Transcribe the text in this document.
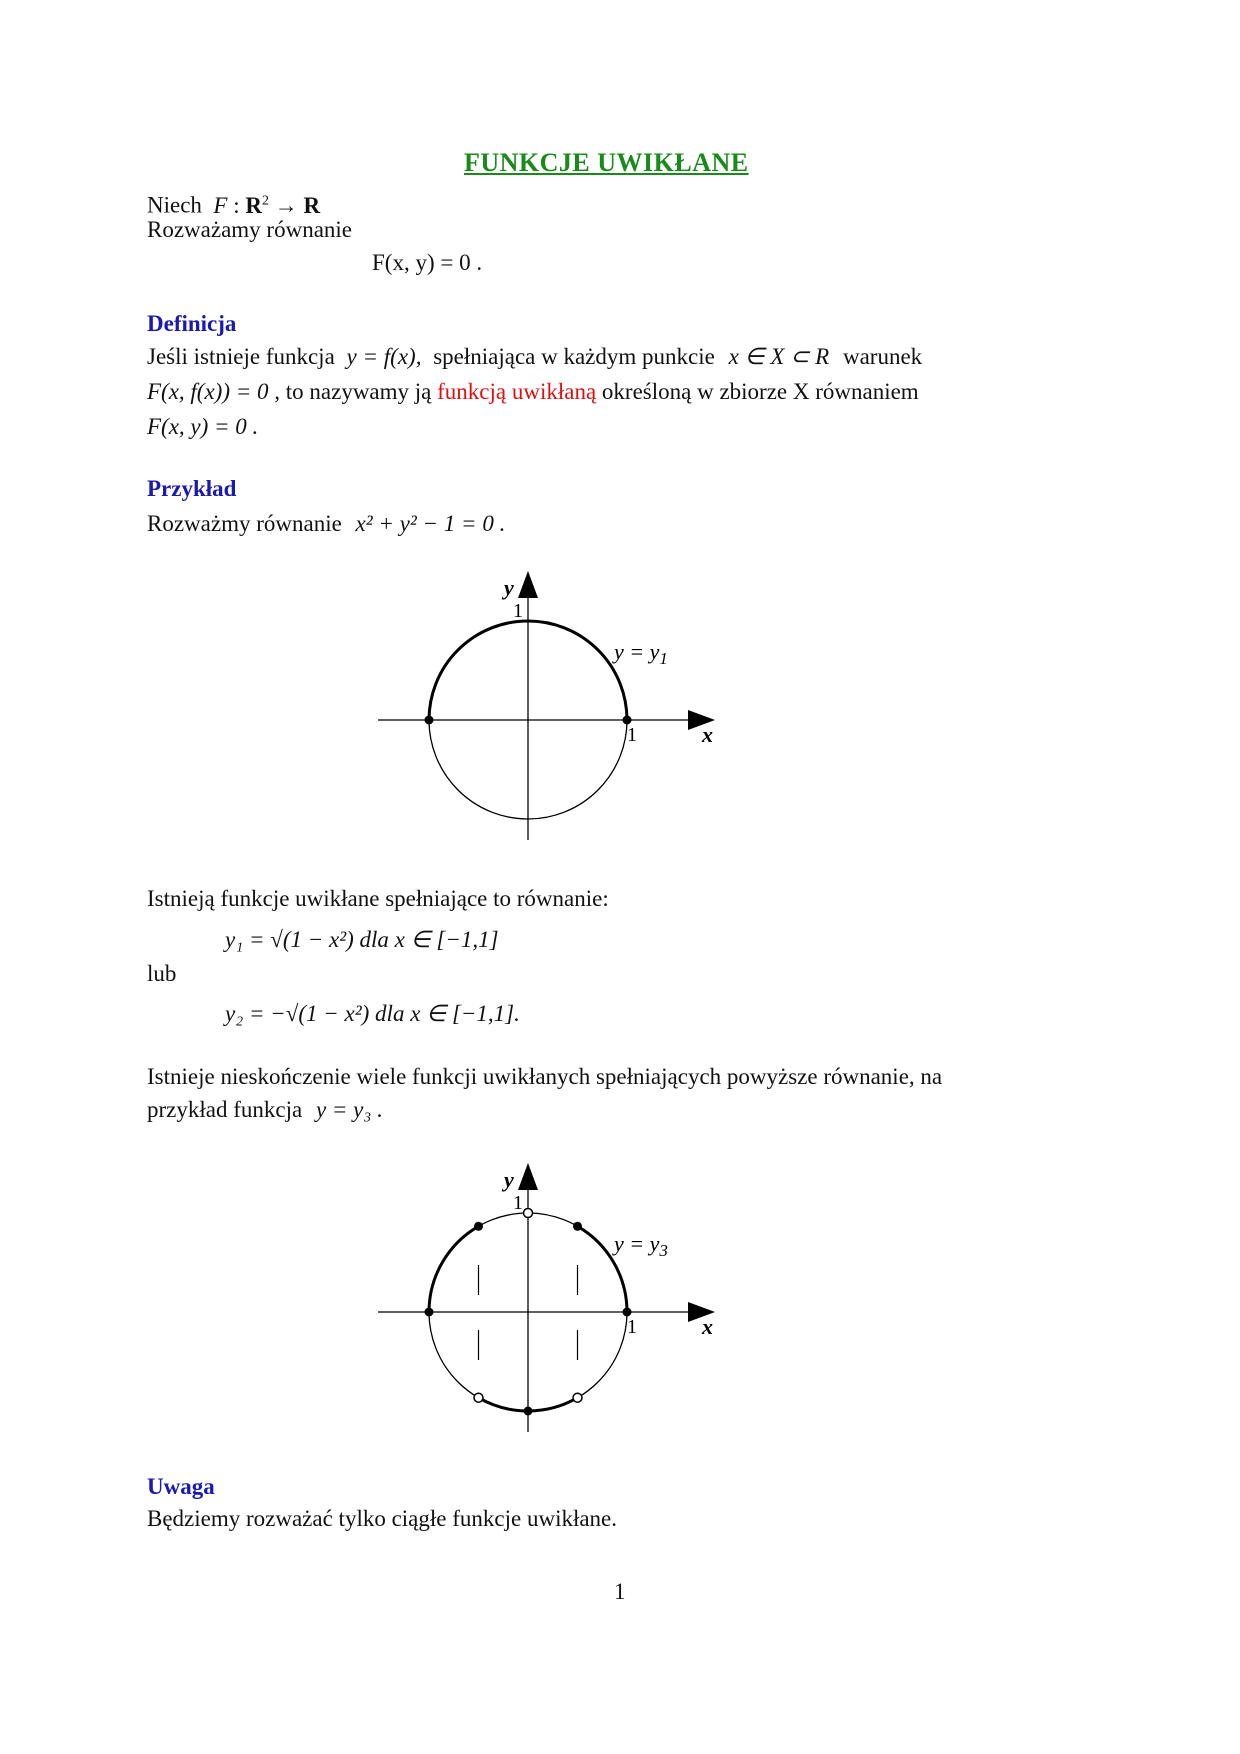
FUNKCJE UWIKŁANE
Niech F : $R^2 \to R$
Rozważamy równanie
F(x, y) = 0 .
Definicja
Jeśli istnieje funkcja y = f(x), spełniająca w każdym punkcie x ∈ X ⊂ R warunek
F(x, f(x)) = 0 , to nazywamy ją funkcją uwikłaną określoną w zbiorze X równaniem
F(x, y) = 0 .
Przykład
Rozważmy równanie x² + y² − 1 = 0 .
y
1
1	x
$y = y_1$
Istnieją funkcje uwikłane spełniające to równanie:
y₁ = √(1 − x²) dla x ∈ [−1,1]
lub
y₂ = −√(1 − x²) dla x ∈ [−1,1].
Istnieje nieskończenie wiele funkcji uwikłanych spełniających powyższe równanie, na
przykład funkcja y = y₃ .
y
1
1	x
$y = y_3$
Uwaga
Będziemy rozważać tylko ciągłe funkcje uwikłane.
1
